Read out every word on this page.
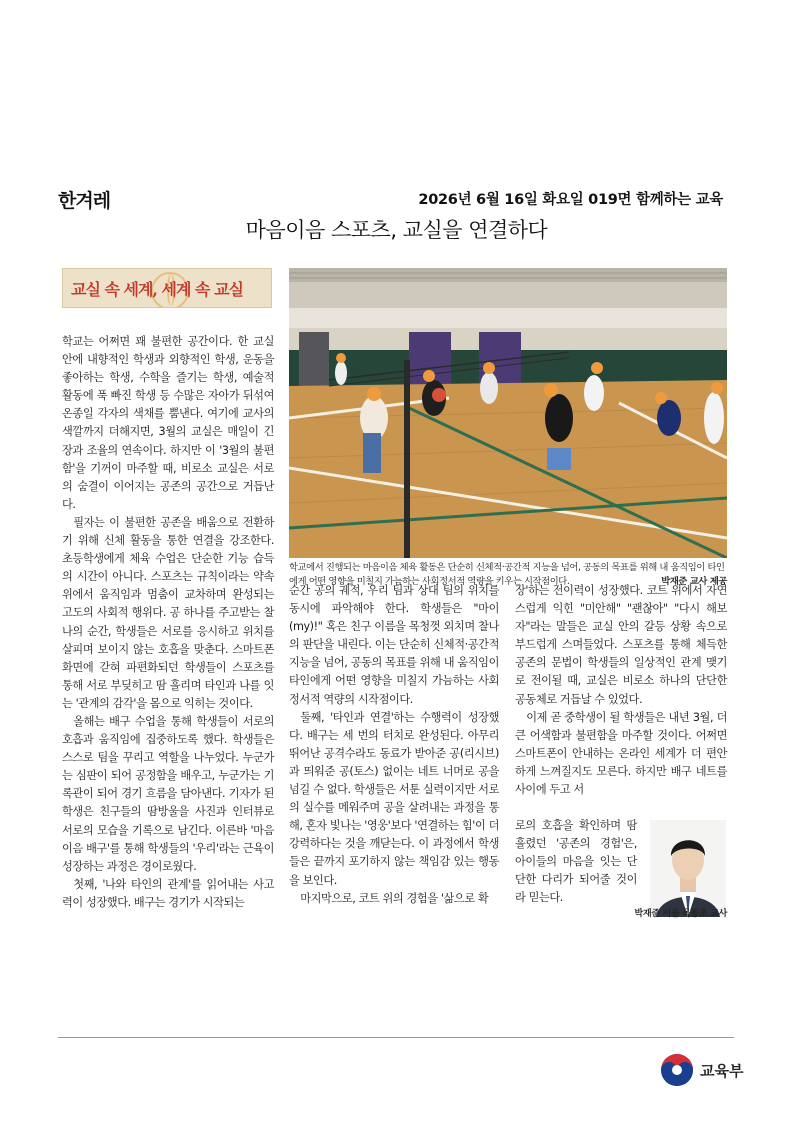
한겨레	2026년 6월 16일 화요일 019면 함께하는 교육
마음이음 스포츠, 교실을 연결하다
교실 속 세계, 세계 속 교실

학교는 어쩌면 꽤 불편한 공간이다. 한 교실 안에 내향적인 학생과 외향적인 학생, 운동을 좋아하는 학생, 수학을 즐기는 학생, 예술적 활동에 푹 빠진 학생 등 수많은 자아가 뒤섞여 온종일 각자의 색채를 뿜낸다. 여기에 교사의 색깔까지 더해지면, 3월의 교실은 매일이 긴장과 조율의 연속이다. 하지만 이 '3월의 불편함'을 기꺼이 마주할 때, 비로소 교실은 서로의 숨결이 이어지는 공존의 공간으로 거듭난다.

필자는 이 불편한 공존을 배움으로 전환하기 위해 신체 활동을 통한 연결을 강조한다. 초등학생에게 체육 수업은 단순한 기능 습득의 시간이 아니다. 스포츠는 규칙이라는 약속 위에서 움직임과 멈춤이 교차하며 완성되는 고도의 사회적 행위다. 공 하나를 주고받는 찰나의 순간, 학생들은 서로를 응시하고 위치를 살피며 보이지 않는 호흡을 맞춘다. 스마트폰 화면에 갇혀 파편화되던 학생들이 스포츠를 통해 서로 부딪히고 땀 흘리며 타인과 나를 잇는 '관계의 감각'을 몸으로 익히는 것이다.

올해는 배구 수업을 통해 학생들이 서로의 호흡과 움직임에 집중하도록 했다. 학생들은 스스로 팀을 꾸리고 역할을 나누었다. 누군가는 심판이 되어 공정함을 배우고, 누군가는 기록관이 되어 경기 흐름을 담아낸다. 기자가 된 학생은 친구들의 땀방울을 사진과 인터뷰로 서로의 모습을 기록으로 남긴다. 이른바 '마음이음 배구'를 통해 학생들의 '우리'라는 근육이 성장하는 과정은 경이로웠다.

첫째, '나와 타인의 관계'를 읽어내는 사고력이 성장했다. 배구는 경기가 시작되는

학교에서 진행되는 마음이음 체육 활동은 단순히 신체적·공간적 지능을 넘어, 공동의 목표를 위해 내 움직임이 타인에게 어떤 영향을 미칠지 가늠하는 사회정서적 역량을 키우는 시작점이다.	박재준 교사 제공

순간 공의 궤적, 우리 팀과 상대 팀의 위치를 동시에 파악해야 한다. 학생들은 "마이(my)!" 혹은 친구 이름을 목청껏 외치며 찰나의 판단을 내린다. 이는 단순히 신체적·공간적 지능을 넘어, 공동의 목표를 위해 내 움직임이 타인에게 어떤 영향을 미칠지 가늠하는 사회정서적 역량의 시작점이다.

둘째, '타인과 연결'하는 수행력이 성장했다. 배구는 세 번의 터치로 완성된다. 아무리 뛰어난 공격수라도 동료가 받아준 공(리시브)과 띄워준 공(토스) 없이는 네트 너머로 공을 넘길 수 없다. 학생들은 서툰 실력이지만 서로의 실수를 메워주며 공을 살려내는 과정을 통해, 혼자 빛나는 '영웅'보다 '연결하는 힘'이 더 강력하다는 것을 깨닫는다. 이 과정에서 학생들은 끝까지 포기하지 않는 책임감 있는 행동을 보인다.

마지막으로, 코트 위의 경험을 '삶으로 확

장'하는 전이력이 성장했다. 코트 위에서 자연스럽게 익힌 "미안해" "괜찮아" "다시 해보자"라는 말들은 교실 안의 갈등 상황 속으로 부드럽게 스며들었다. 스포츠를 통해 체득한 공존의 문법이 학생들의 일상적인 관계 맺기로 전이될 때, 교실은 비로소 하나의 단단한 공동체로 거듭날 수 있었다.

이제 곧 중학생이 될 학생들은 내년 3월, 더 큰 어색함과 불편함을 마주할 것이다. 어쩌면 스마트폰이 안내하는 온라인 세계가 더 편안하게 느껴질지도 모른다. 하지만 배구 네트를 사이에 두고 서

로의 호흡을 확인하며 땀 흘렸던 '공존의 경험'은, 아이들의 마음을 잇는 단단한 다리가 되어줄 것이라 믿는다.

박재준 서울 목동초 교사
교육부
